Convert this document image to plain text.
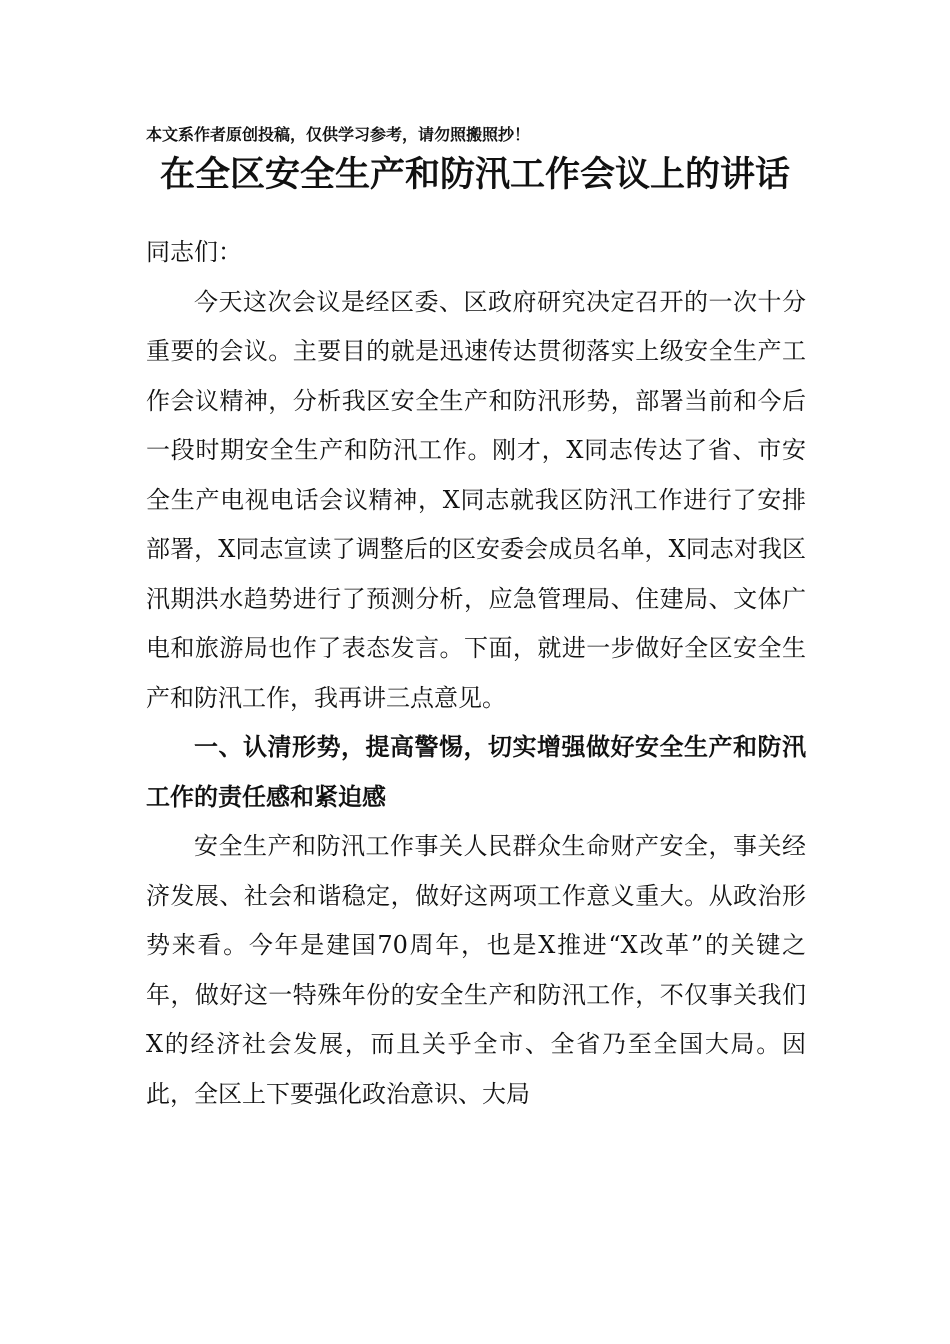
本文系作者原创投稿，仅供学习参考，请勿照搬照抄！
在全区安全生产和防汛工作会议上的讲话

同志们：

今天这次会议是经区委、区政府研究决定召开的一次十分重要的会议。主要目的就是迅速传达贯彻落实上级安全生产工作会议精神，分析我区安全生产和防汛形势，部署当前和今后一段时期安全生产和防汛工作。刚才，X同志传达了省、市安全生产电视电话会议精神，X同志就我区防汛工作进行了安排部署，X同志宣读了调整后的区安委会成员名单，X同志对我区汛期洪水趋势进行了预测分析，应急管理局、住建局、文体广电和旅游局也作了表态发言。下面，就进一步做好全区安全生产和防汛工作，我再讲三点意见。

一、认清形势，提高警惕，切实增强做好安全生产和防汛工作的责任感和紧迫感

安全生产和防汛工作事关人民群众生命财产安全，事关经济发展、社会和谐稳定，做好这两项工作意义重大。从政治形势来看。今年是建国70周年，也是X推进“X改革”的关键之年，做好这一特殊年份的安全生产和防汛工作，不仅事关我们X的经济社会发展，而且关乎全市、全省乃至全国大局。因此，全区上下要强化政治意识、大局
